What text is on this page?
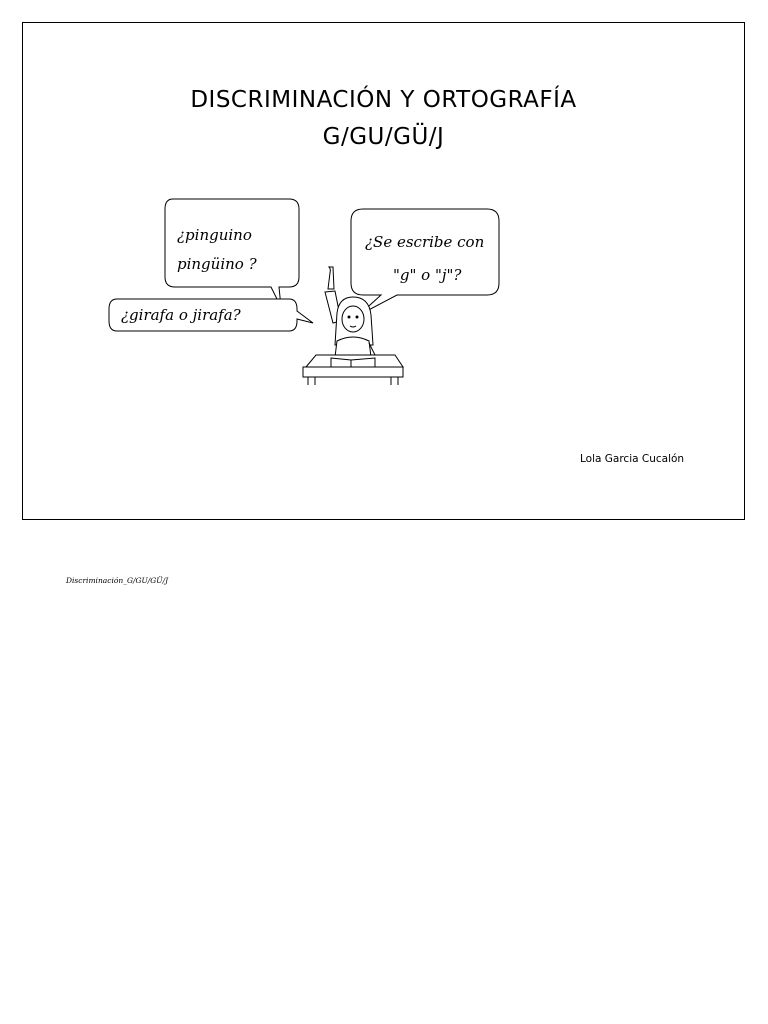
DISCRIMINACIÓN Y ORTOGRAFÍA
G/GU/GÜ/J
¿pinguino
pingüino ?
¿girafa o jirafa?
¿Se escribe con
"g" o "j"?
Lola Garcia Cucalón
Discriminación_G/GU/GÜ/J
